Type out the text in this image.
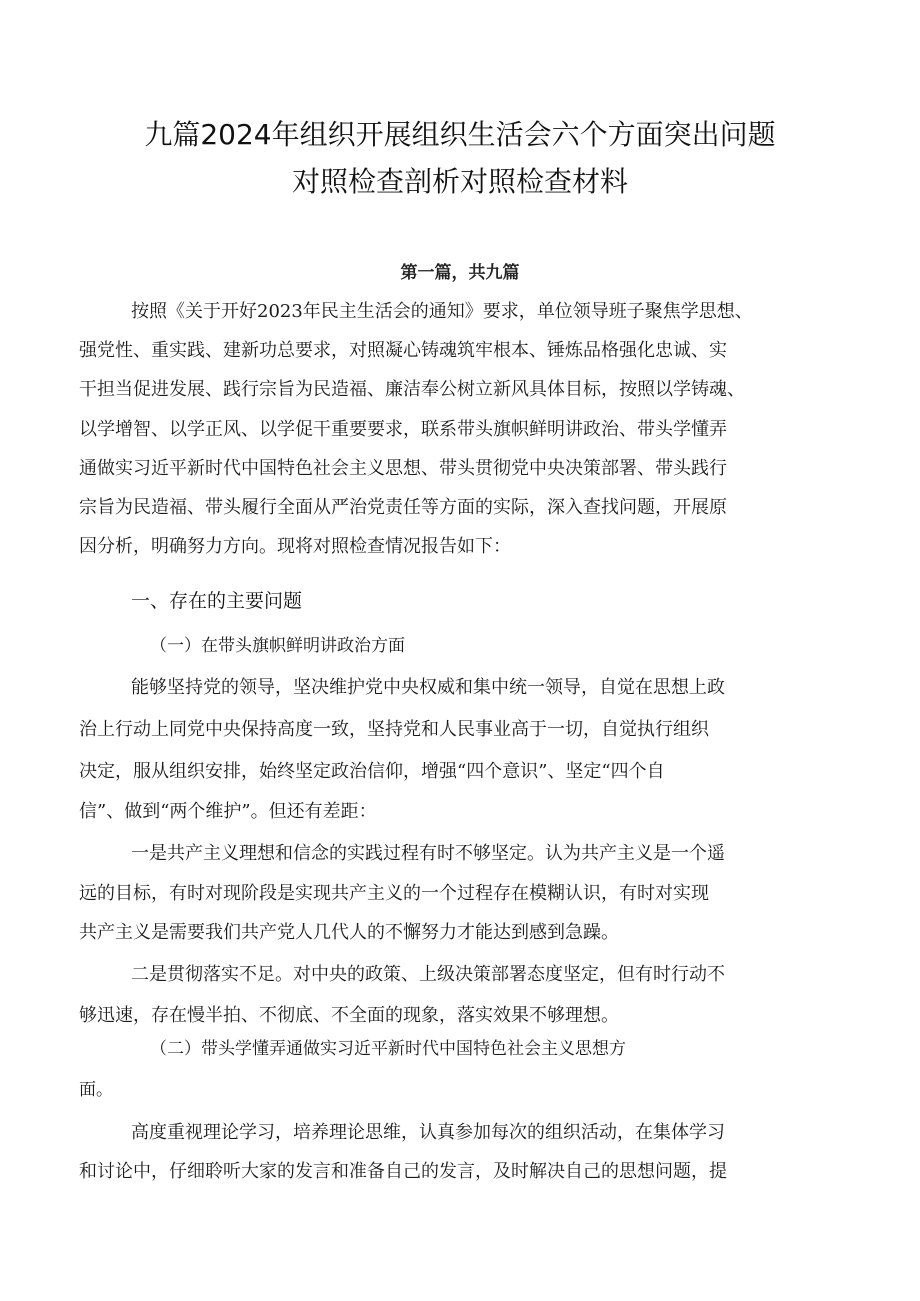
九篇2024年组织开展组织生活会六个方面突出问题
对照检查剖析对照检查材料
第一篇，共九篇
按照《关于开好2023年民主生活会的通知》要求，单位领导班子聚焦学思想、
强党性、重实践、建新功总要求，对照凝心铸魂筑牢根本、锤炼品格强化忠诚、实
干担当促进发展、践行宗旨为民造福、廉洁奉公树立新风具体目标，按照以学铸魂、
以学增智、以学正风、以学促干重要要求，联系带头旗帜鲜明讲政治、带头学懂弄
通做实习近平新时代中国特色社会主义思想、带头贯彻党中央决策部署、带头践行
宗旨为民造福、带头履行全面从严治党责任等方面的实际，深入查找问题，开展原
因分析，明确努力方向。现将对照检查情况报告如下：
一、存在的主要问题
（一）在带头旗帜鲜明讲政治方面
能够坚持党的领导，坚决维护党中央权威和集中统一领导，自觉在思想上政
治上行动上同党中央保持高度一致，坚持党和人民事业高于一切，自觉执行组织
决定，服从组织安排，始终坚定政治信仰，增强“四个意识”、坚定“四个自
信”、做到“两个维护”。但还有差距：
一是共产主义理想和信念的实践过程有时不够坚定。认为共产主义是一个遥
远的目标，有时对现阶段是实现共产主义的一个过程存在模糊认识，有时对实现
共产主义是需要我们共产党人几代人的不懈努力才能达到感到急躁。
二是贯彻落实不足。对中央的政策、上级决策部署态度坚定，但有时行动不
够迅速，存在慢半拍、不彻底、不全面的现象，落实效果不够理想。
（二）带头学懂弄通做实习近平新时代中国特色社会主义思想方
面。
高度重视理论学习，培养理论思维，认真参加每次的组织活动，在集体学习
和讨论中，仔细聆听大家的发言和准备自己的发言，及时解决自己的思想问题，提
